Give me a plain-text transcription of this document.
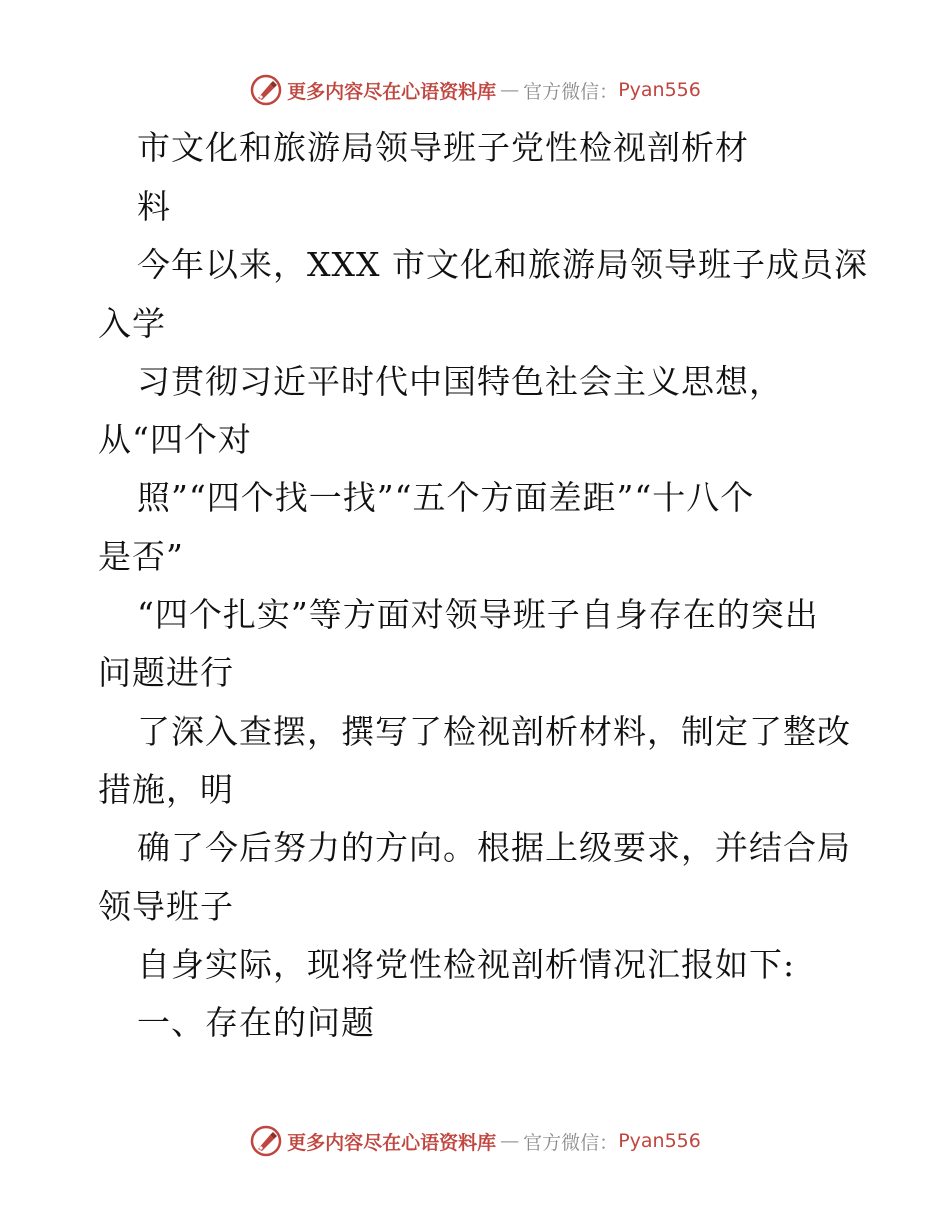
更多内容尽在心语资料库 — 官方微信： Pyan556
市文化和旅游局领导班子党性检视剖析材
料
今年以来，XXX 市文化和旅游局领导班子成员深
入学
习贯彻习近平时代中国特色社会主义思想，
从“四个对
照”“四个找一找”“五个方面差距”“十八个
是否”
“四个扎实”等方面对领导班子自身存在的突出
问题进行
了深入查摆，撰写了检视剖析材料，制定了整改
措施，明
确了今后努力的方向。根据上级要求，并结合局
领导班子
自身实际，现将党性检视剖析情况汇报如下:
一、存在的问题
更多内容尽在心语资料库 — 官方微信： Pyan556
